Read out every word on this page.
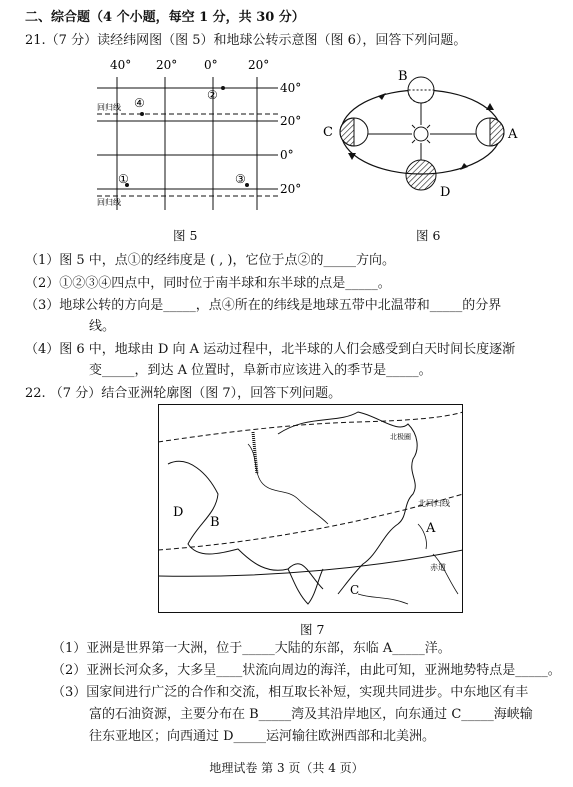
二、综合题（4 个小题，每空 1 分，共 30 分）
21.（7 分）读经纬网图（图 5）和地球公转示意图（图 6），回答下列问题。
40° 20° 0°	20°
40°
20°
0°
20°
回归线
回归线
①
②
③
④
图 5
A
B
C
D
图 6
（1）图 5 中，点①的经纬度是 ( , )，它位于点②的_____方向。
（2）①②③④四点中，同时位于南半球和东半球的点是_____。
（3）地球公转的方向是_____，点④所在的纬线是地球五带中北温带和_____的分界
线。
（4）图 6 中，地球由 D 向 A 运动过程中，北半球的人们会感受到白天时间长度逐渐
变_____，到达 A 位置时，阜新市应该进入的季节是_____。
22. （7 分）结合亚洲轮廓图（图 7），回答下列问题。
A
B
C
D
北极圈
北回归线
赤道
图 7
（1）亚洲是世界第一大洲，位于_____大陆的东部，东临 A_____洋。
（2）亚洲长河众多，大多呈____状流向周边的海洋，由此可知，亚洲地势特点是_____。
（3）国家间进行广泛的合作和交流，相互取长补短，实现共同进步。中东地区有丰
富的石油资源，主要分布在 B_____湾及其沿岸地区，向东通过 C_____海峡输
往东亚地区；向西通过 D_____运河输往欧洲西部和北美洲。
地理试卷 第 3 页（共 4 页）
